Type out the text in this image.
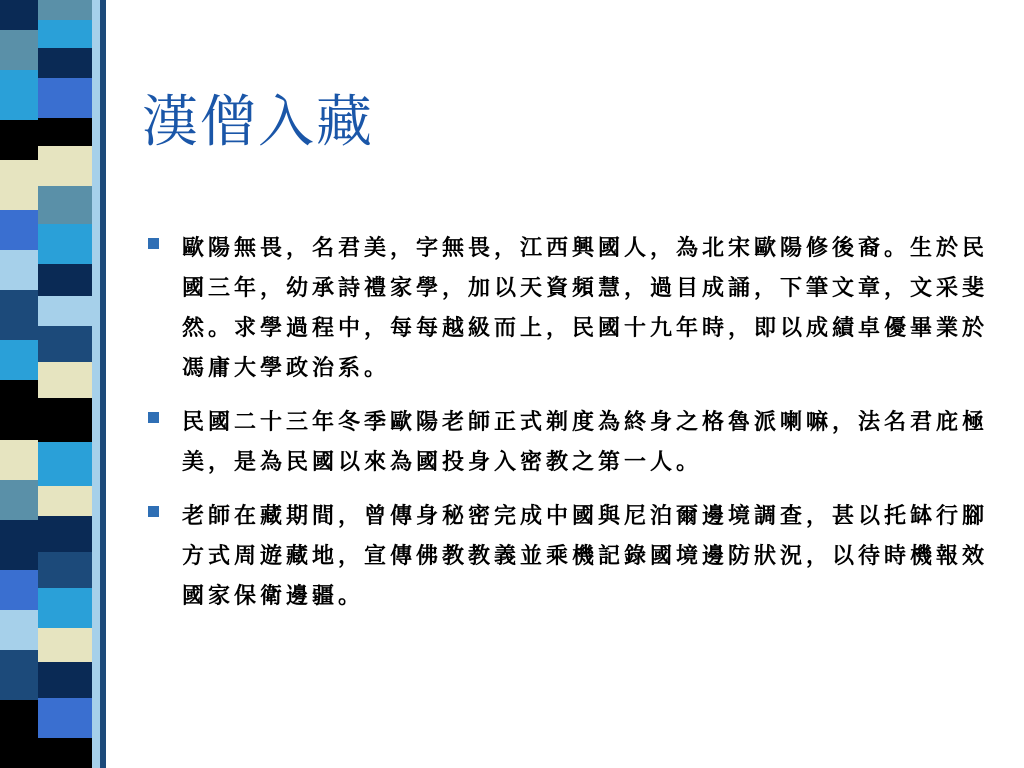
漢僧入藏
歐陽無畏，名君美，字無畏，江西興國人，為北宋歐陽修後裔。生於民國三年，幼承詩禮家學，加以天資頻慧，過目成誦，下筆文章，文采斐然。求學過程中，每每越級而上，民國十九年時，即以成績卓優畢業於馮庸大學政治系。
民國二十三年冬季歐陽老師正式剃度為終身之格魯派喇嘛，法名君庇極美，是為民國以來為國投身入密教之第一人。
老師在藏期間，曾傳身秘密完成中國與尼泊爾邊境調查，甚以托缽行腳方式周遊藏地，宣傳佛教教義並乘機記錄國境邊防狀況，以待時機報效國家保衛邊疆。
